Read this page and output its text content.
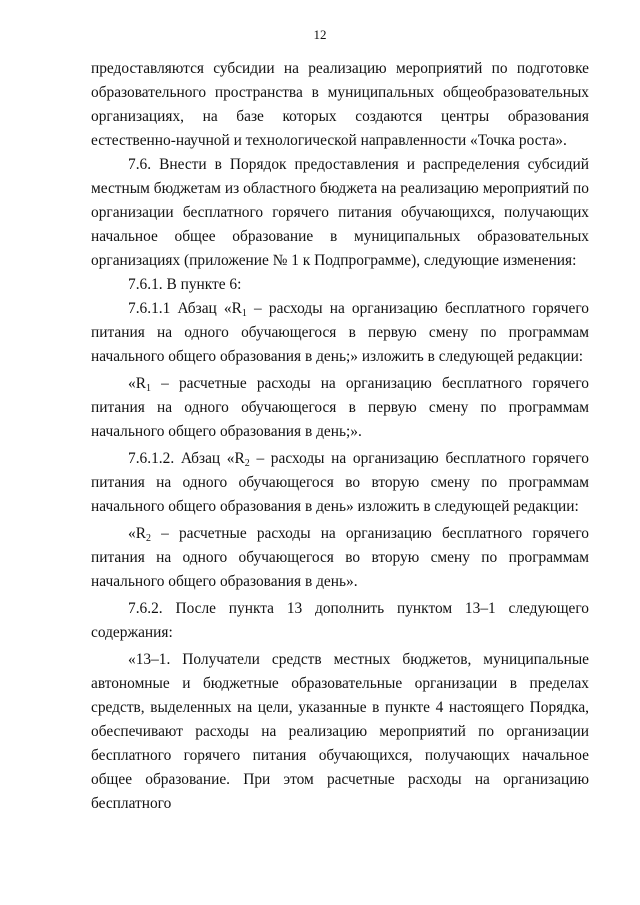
12

предоставляются субсидии на реализацию мероприятий по подготовке образовательного пространства в муниципальных общеобразовательных организациях, на базе которых создаются центры образования естественно-научной и технологической направленности «Точка роста».

7.6. Внести в Порядок предоставления и распределения субсидий местным бюджетам из областного бюджета на реализацию мероприятий по организации бесплатного горячего питания обучающихся, получающих начальное общее образование в муниципальных образовательных организациях (приложение № 1 к Подпрограмме), следующие изменения:

7.6.1. В пункте 6:

7.6.1.1 Абзац «$R_1$ – расходы на организацию бесплатного горячего питания на одного обучающегося в первую смену по программам начального общего образования в день;» изложить в следующей редакции:

«$R_1$ – расчетные расходы на организацию бесплатного горячего питания на одного обучающегося в первую смену по программам начального общего образования в день;».

7.6.1.2. Абзац «$R_2$ – расходы на организацию бесплатного горячего питания на одного обучающегося во вторую смену по программам начального общего образования в день» изложить в следующей редакции:

«$R_2$ – расчетные расходы на организацию бесплатного горячего питания на одного обучающегося во вторую смену по программам начального общего образования в день».

7.6.2. После пункта 13 дополнить пунктом 13–1 следующего содержания:

«13–1. Получатели средств местных бюджетов, муниципальные автономные и бюджетные образовательные организации в пределах средств, выделенных на цели, указанные в пункте 4 настоящего Порядка, обеспечивают расходы на реализацию мероприятий по организации бесплатного горячего питания обучающихся, получающих начальное общее образование. При этом расчетные расходы на организацию бесплатного
